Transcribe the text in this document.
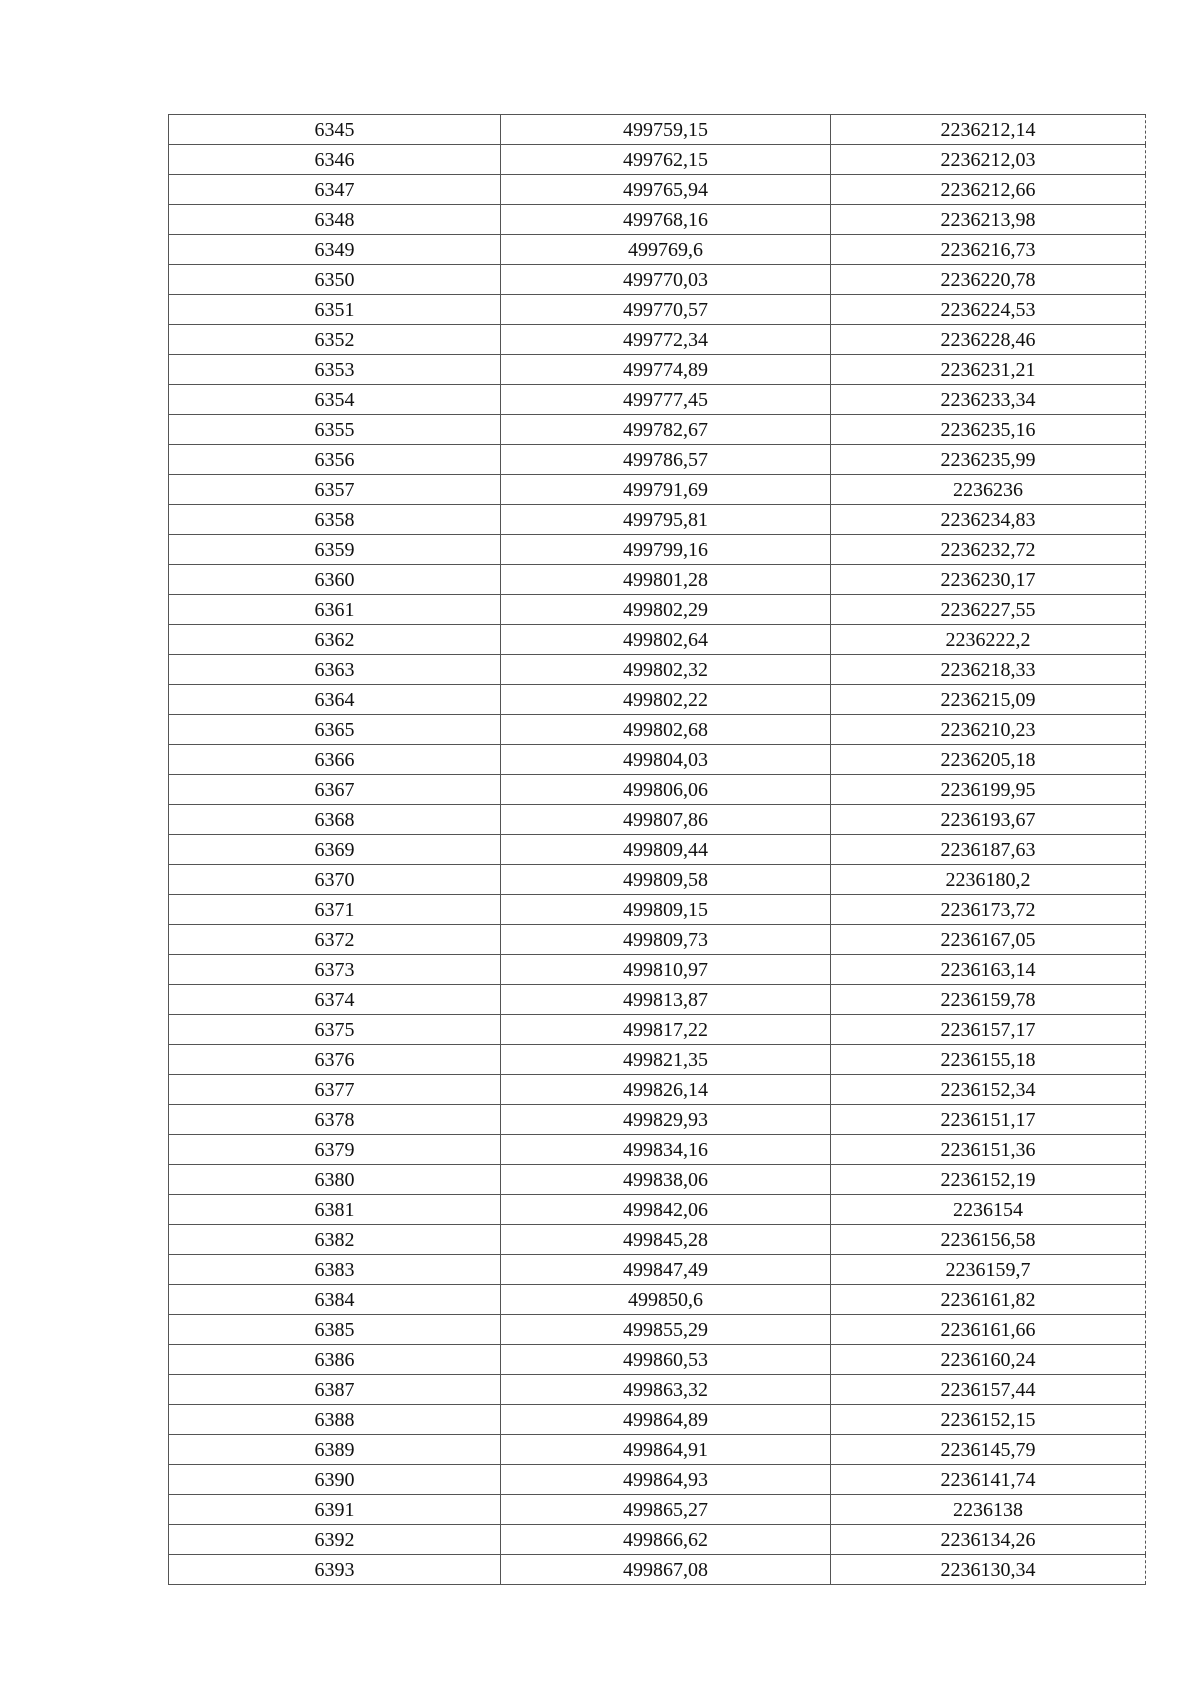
6345	499759,15	2236212,14
6346	499762,15	2236212,03
6347	499765,94	2236212,66
6348	499768,16	2236213,98
6349	499769,6	2236216,73
6350	499770,03	2236220,78
6351	499770,57	2236224,53
6352	499772,34	2236228,46
6353	499774,89	2236231,21
6354	499777,45	2236233,34
6355	499782,67	2236235,16
6356	499786,57	2236235,99
6357	499791,69	2236236
6358	499795,81	2236234,83
6359	499799,16	2236232,72
6360	499801,28	2236230,17
6361	499802,29	2236227,55
6362	499802,64	2236222,2
6363	499802,32	2236218,33
6364	499802,22	2236215,09
6365	499802,68	2236210,23
6366	499804,03	2236205,18
6367	499806,06	2236199,95
6368	499807,86	2236193,67
6369	499809,44	2236187,63
6370	499809,58	2236180,2
6371	499809,15	2236173,72
6372	499809,73	2236167,05
6373	499810,97	2236163,14
6374	499813,87	2236159,78
6375	499817,22	2236157,17
6376	499821,35	2236155,18
6377	499826,14	2236152,34
6378	499829,93	2236151,17
6379	499834,16	2236151,36
6380	499838,06	2236152,19
6381	499842,06	2236154
6382	499845,28	2236156,58
6383	499847,49	2236159,7
6384	499850,6	2236161,82
6385	499855,29	2236161,66
6386	499860,53	2236160,24
6387	499863,32	2236157,44
6388	499864,89	2236152,15
6389	499864,91	2236145,79
6390	499864,93	2236141,74
6391	499865,27	2236138
6392	499866,62	2236134,26
6393	499867,08	2236130,34
